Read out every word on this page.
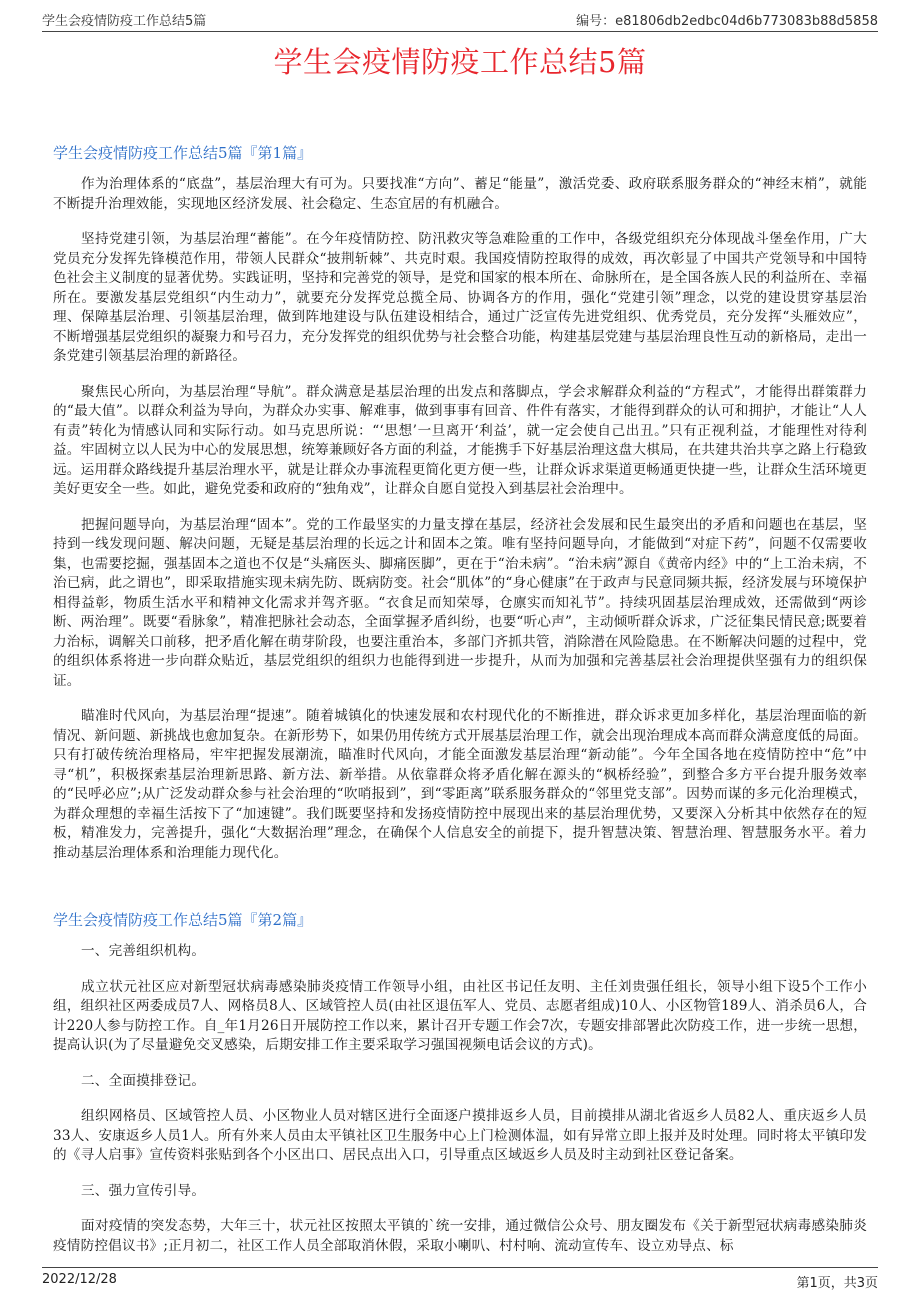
学生会疫情防疫工作总结5篇	编号：e81806db2edbc04d6b773083b88d5858
学生会疫情防疫工作总结5篇
学生会疫情防疫工作总结5篇『第1篇』

作为治理体系的“底盘”，基层治理大有可为。只要找准“方向”、蓄足“能量”，激活党委、政府联系服务群众的“神经末梢”，就能不断提升治理效能，实现地区经济发展、社会稳定、生态宜居的有机融合。

坚持党建引领，为基层治理“蓄能”。在今年疫情防控、防汛救灾等急难险重的工作中，各级党组织充分体现战斗堡垒作用，广大党员充分发挥先锋模范作用，带领人民群众“披荆斩棘”、共克时艰。我国疫情防控取得的成效，再次彰显了中国共产党领导和中国特色社会主义制度的显著优势。实践证明，坚持和完善党的领导，是党和国家的根本所在、命脉所在，是全国各族人民的利益所在、幸福所在。要激发基层党组织“内生动力”，就要充分发挥党总揽全局、协调各方的作用，强化“党建引领”理念，以党的建设贯穿基层治理、保障基层治理、引领基层治理，做到阵地建设与队伍建设相结合，通过广泛宣传先进党组织、优秀党员，充分发挥“头雁效应”，不断增强基层党组织的凝聚力和号召力，充分发挥党的组织优势与社会整合功能，构建基层党建与基层治理良性互动的新格局，走出一条党建引领基层治理的新路径。

聚焦民心所向，为基层治理“导航”。群众满意是基层治理的出发点和落脚点，学会求解群众利益的“方程式”，才能得出群策群力的“最大值”。以群众利益为导向，为群众办实事、解难事，做到事事有回音、件件有落实，才能得到群众的认可和拥护，才能让“人人有责”转化为情感认同和实际行动。如马克思所说：“‘思想’一旦离开‘利益’，就一定会使自己出丑。”只有正视利益，才能理性对待利益。牢固树立以人民为中心的发展思想，统筹兼顾好各方面的利益，才能携手下好基层治理这盘大棋局，在共建共治共享之路上行稳致远。运用群众路线提升基层治理水平，就是让群众办事流程更简化更方便一些，让群众诉求渠道更畅通更快捷一些，让群众生活环境更美好更安全一些。如此，避免党委和政府的“独角戏”，让群众自愿自觉投入到基层社会治理中。

把握问题导向，为基层治理“固本”。党的工作最坚实的力量支撑在基层，经济社会发展和民生最突出的矛盾和问题也在基层，坚持到一线发现问题、解决问题，无疑是基层治理的长远之计和固本之策。唯有坚持问题导向，才能做到“对症下药”，问题不仅需要收集，也需要挖掘，强基固本之道也不仅是“头痛医头、脚痛医脚”，更在于“治未病”。“治未病”源自《黄帝内经》中的“上工治未病，不治已病，此之谓也”，即采取措施实现未病先防、既病防变。社会“肌体”的“身心健康”在于政声与民意同频共振，经济发展与环境保护相得益彰，物质生活水平和精神文化需求并驾齐驱。“衣食足而知荣辱，仓廪实而知礼节”。持续巩固基层治理成效，还需做到“两诊断、两治理”。既要“看脉象”，精准把脉社会动态，全面掌握矛盾纠纷，也要“听心声”，主动倾听群众诉求，广泛征集民情民意;既要着力治标，调解关口前移，把矛盾化解在萌芽阶段，也要注重治本，多部门齐抓共管，消除潜在风险隐患。在不断解决问题的过程中，党的组织体系将进一步向群众贴近，基层党组织的组织力也能得到进一步提升，从而为加强和完善基层社会治理提供坚强有力的组织保证。

瞄准时代风向，为基层治理“提速”。随着城镇化的快速发展和农村现代化的不断推进，群众诉求更加多样化，基层治理面临的新情况、新问题、新挑战也愈加复杂。在新形势下，如果仍用传统方式开展基层治理工作，就会出现治理成本高而群众满意度低的局面。只有打破传统治理格局，牢牢把握发展潮流，瞄准时代风向，才能全面激发基层治理“新动能”。今年全国各地在疫情防控中“危”中寻“机”，积极探索基层治理新思路、新方法、新举措。从依靠群众将矛盾化解在源头的“枫桥经验”，到整合多方平台提升服务效率的“民呼必应”;从广泛发动群众参与社会治理的“吹哨报到”，到“零距离”联系服务群众的“邻里党支部”。因势而谋的多元化治理模式，为群众理想的幸福生活按下了“加速键”。我们既要坚持和发扬疫情防控中展现出来的基层治理优势，又要深入分析其中依然存在的短板，精准发力，完善提升，强化“大数据治理”理念，在确保个人信息安全的前提下，提升智慧决策、智慧治理、智慧服务水平。着力推动基层治理体系和治理能力现代化。

学生会疫情防疫工作总结5篇『第2篇』

一、完善组织机构。

成立状元社区应对新型冠状病毒感染肺炎疫情工作领导小组，由社区书记任友明、主任刘贵强任组长，领导小组下设5个工作小组，组织社区两委成员7人、网格员8人、区域管控人员(由社区退伍军人、党员、志愿者组成)10人、小区物管189人、消杀员6人，合计220人参与防控工作。自_年1月26日开展防控工作以来，累计召开专题工作会7次，专题安排部署此次防疫工作，进一步统一思想，提高认识(为了尽量避免交叉感染，后期安排工作主要采取学习强国视频电话会议的方式)。

二、全面摸排登记。

组织网格员、区域管控人员、小区物业人员对辖区进行全面逐户摸排返乡人员，目前摸排从湖北省返乡人员82人、重庆返乡人员33人、安康返乡人员1人。所有外来人员由太平镇社区卫生服务中心上门检测体温，如有异常立即上报并及时处理。同时将太平镇印发的《寻人启事》宣传资料张贴到各个小区出口、居民点出入口，引导重点区域返乡人员及时主动到社区登记备案。

三、强力宣传引导。

面对疫情的突发态势，大年三十，状元社区按照太平镇的`统一安排，通过微信公众号、朋友圈发布《关于新型冠状病毒感染肺炎疫情防控倡议书》;正月初二，社区工作人员全部取消休假，采取小喇叭、村村响、流动宣传车、设立劝导点、标

2022/12/28	第1页，共3页
